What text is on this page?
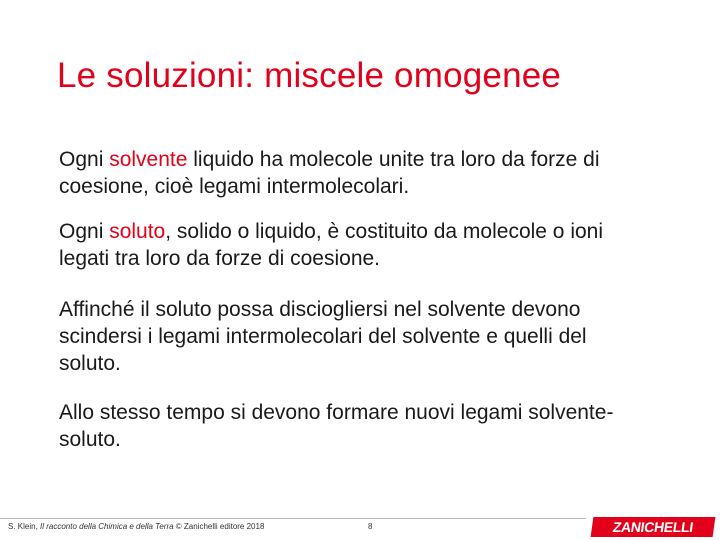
Le soluzioni: miscele omogenee
Ogni solvente liquido ha molecole unite tra loro da forze di coesione, cioè legami intermolecolari.
Ogni soluto, solido o liquido, è costituito da molecole o ioni legati tra loro da forze di coesione.
Affinché il soluto possa disciogliersi nel solvente devono scindersi i legami intermolecolari del solvente e quelli del soluto.
Allo stesso tempo si devono formare nuovi legami solvente-soluto.
S. Klein, Il racconto della Chimica e della Terra © Zanichelli editore 2018	8	ZANICHELLI
